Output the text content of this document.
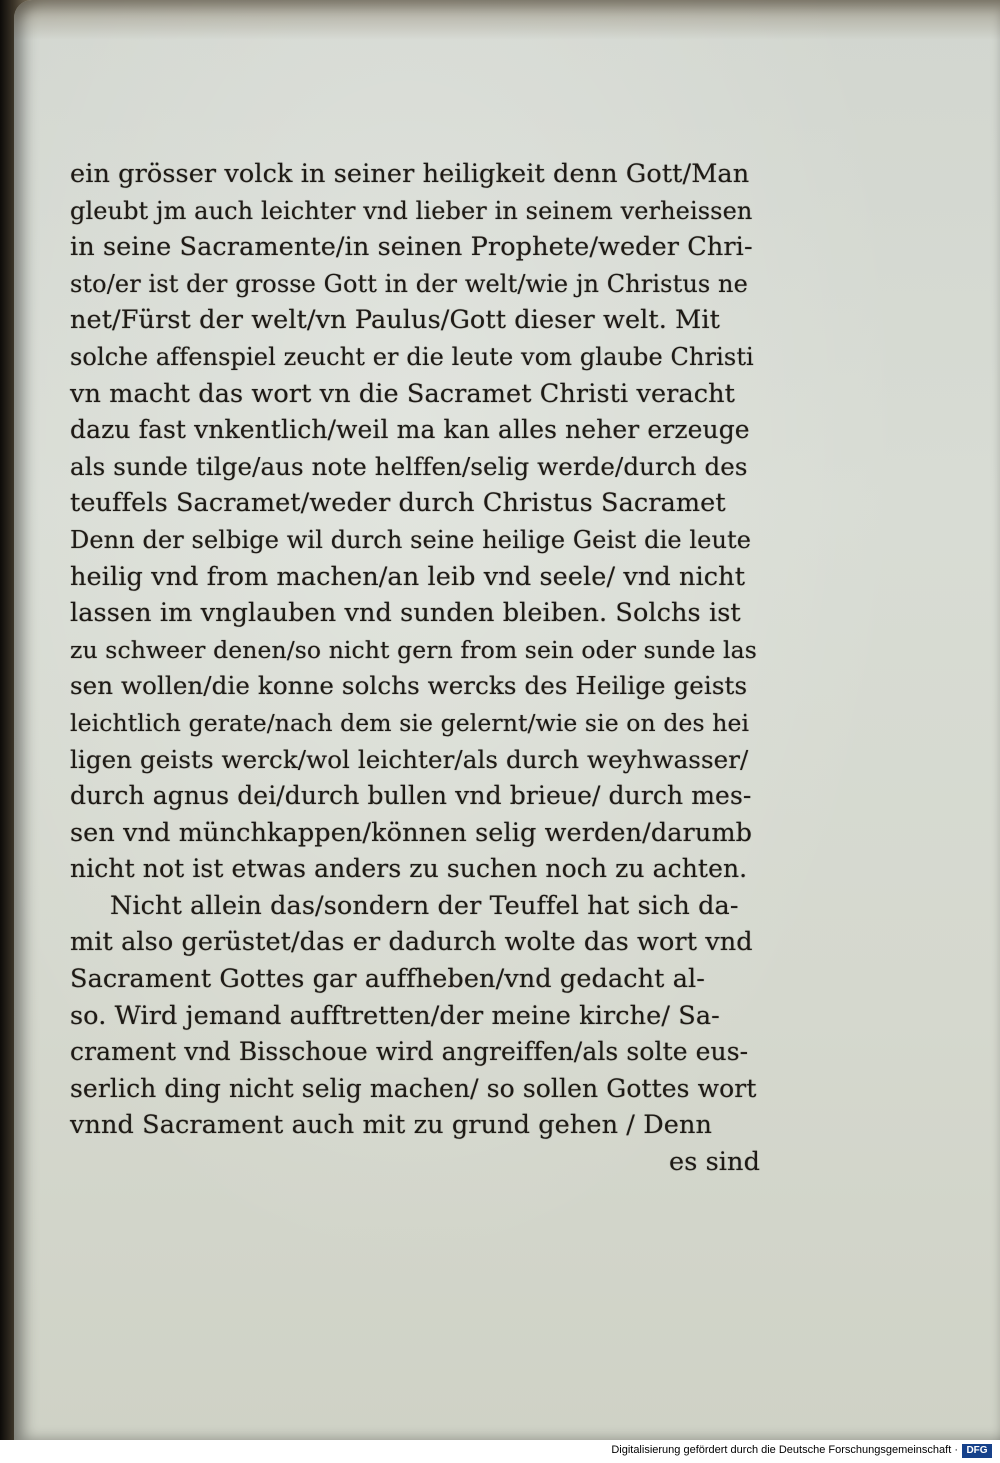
ein grösser volck in seiner heiligkeit denn Gott/Man
gleubt jm auch leichter vnd lieber in seinem verheissen
in seine Sacramente/in seinen Prophete/weder Chri-
sto/er ist der grosse Gott in der welt/wie jn Christus ne
net/Fürst der welt/vn Paulus/Gott dieser welt. Mit
solche affenspiel zeucht er die leute vom glaube Christi
vn macht das wort vn die Sacramet Christi veracht
dazu fast vnkentlich/weil ma kan alles neher erzeuge
als sunde tilge/aus note helffen/selig werde/durch des
teuffels Sacramet/weder durch Christus Sacramet
Denn der selbige wil durch seine heilige Geist die leute
heilig vnd from machen/an leib vnd seele/ vnd nicht
lassen im vnglauben vnd sunden bleiben. Solchs ist
zu schweer denen/so nicht gern from sein oder sunde las
sen wollen/die konne solchs wercks des Heilige geists
leichtlich gerate/nach dem sie gelernt/wie sie on des hei
ligen geists werck/wol leichter/als durch weyhwasser/
durch agnus dei/durch bullen vnd brieue/ durch mes-
sen vnd münchkappen/können selig werden/darumb
nicht not ist etwas anders zu suchen noch zu achten.
Nicht allein das/sondern der Teuffel hat sich da-
mit also gerüstet/das er dadurch wolte das wort vnd
Sacrament Gottes gar auffheben/vnd gedacht al-
so. Wird jemand aufftretten/der meine kirche/ Sa-
crament vnd Bisschoue wird angreiffen/als solte eus-
serlich ding nicht selig machen/ so sollen Gottes wort
vnnd Sacrament auch mit zu grund gehen / Denn
es sind
Digitalisierung gefördert durch die Deutsche Forschungsgemeinschaft · DFG
